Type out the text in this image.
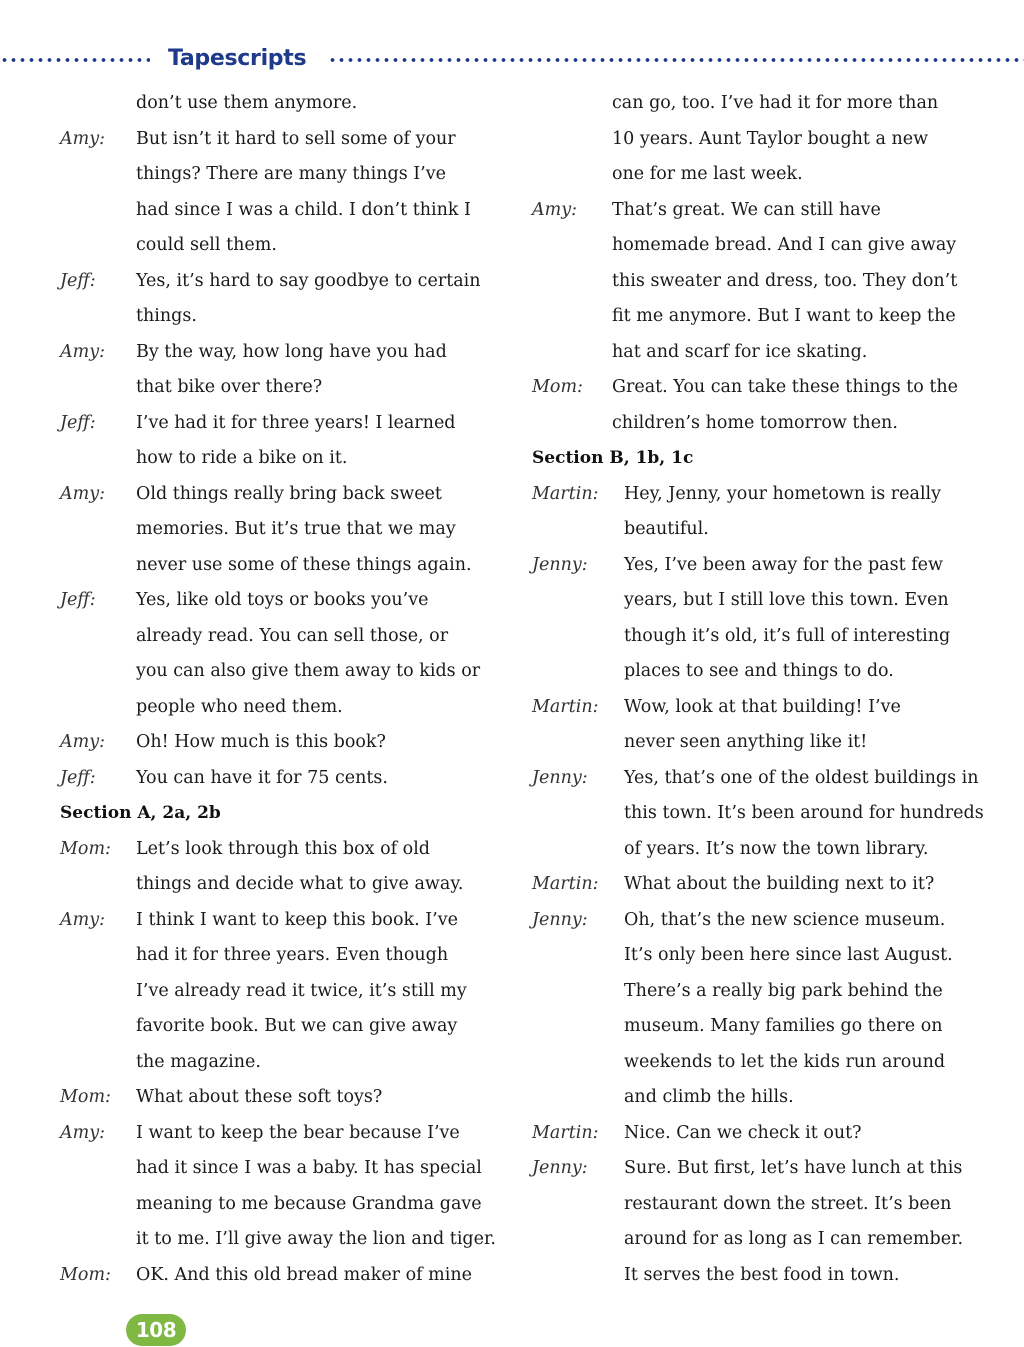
Tapescripts
don’t use them anymore.
Amy: But isn’t it hard to sell some of your
things? There are many things I’ve
had since I was a child. I don’t think I
could sell them.
Jeff: Yes, it’s hard to say goodbye to certain
things.
Amy: By the way, how long have you had
that bike over there?
Jeff: I’ve had it for three years! I learned
how to ride a bike on it.
Amy: Old things really bring back sweet
memories. But it’s true that we may
never use some of these things again.
Jeff: Yes, like old toys or books you’ve
already read. You can sell those, or
you can also give them away to kids or
people who need them.
Amy: Oh! How much is this book?
Jeff: You can have it for 75 cents.
Section A, 2a, 2b
Mom: Let’s look through this box of old
things and decide what to give away.
Amy: I think I want to keep this book. I’ve
had it for three years. Even though
I’ve already read it twice, it’s still my
favorite book. But we can give away
the magazine.
Mom: What about these soft toys?
Amy: I want to keep the bear because I’ve
had it since I was a baby. It has special
meaning to me because Grandma gave
it to me. I’ll give away the lion and tiger.
Mom: OK. And this old bread maker of mine
can go, too. I’ve had it for more than
10 years. Aunt Taylor bought a new
one for me last week.
Amy: That’s great. We can still have
homemade bread. And I can give away
this sweater and dress, too. They don’t
fit me anymore. But I want to keep the
hat and scarf for ice skating.
Mom: Great. You can take these things to the
children’s home tomorrow then.
Section B, 1b, 1c
Martin: Hey, Jenny, your hometown is really
beautiful.
Jenny: Yes, I’ve been away for the past few
years, but I still love this town. Even
though it’s old, it’s full of interesting
places to see and things to do.
Martin: Wow, look at that building! I’ve
never seen anything like it!
Jenny: Yes, that’s one of the oldest buildings in
this town. It’s been around for hundreds
of years. It’s now the town library.
Martin: What about the building next to it?
Jenny: Oh, that’s the new science museum.
It’s only been here since last August.
There’s a really big park behind the
museum. Many families go there on
weekends to let the kids run around
and climb the hills.
Martin: Nice. Can we check it out?
Jenny: Sure. But first, let’s have lunch at this
restaurant down the street. It’s been
around for as long as I can remember.
It serves the best food in town.
108
